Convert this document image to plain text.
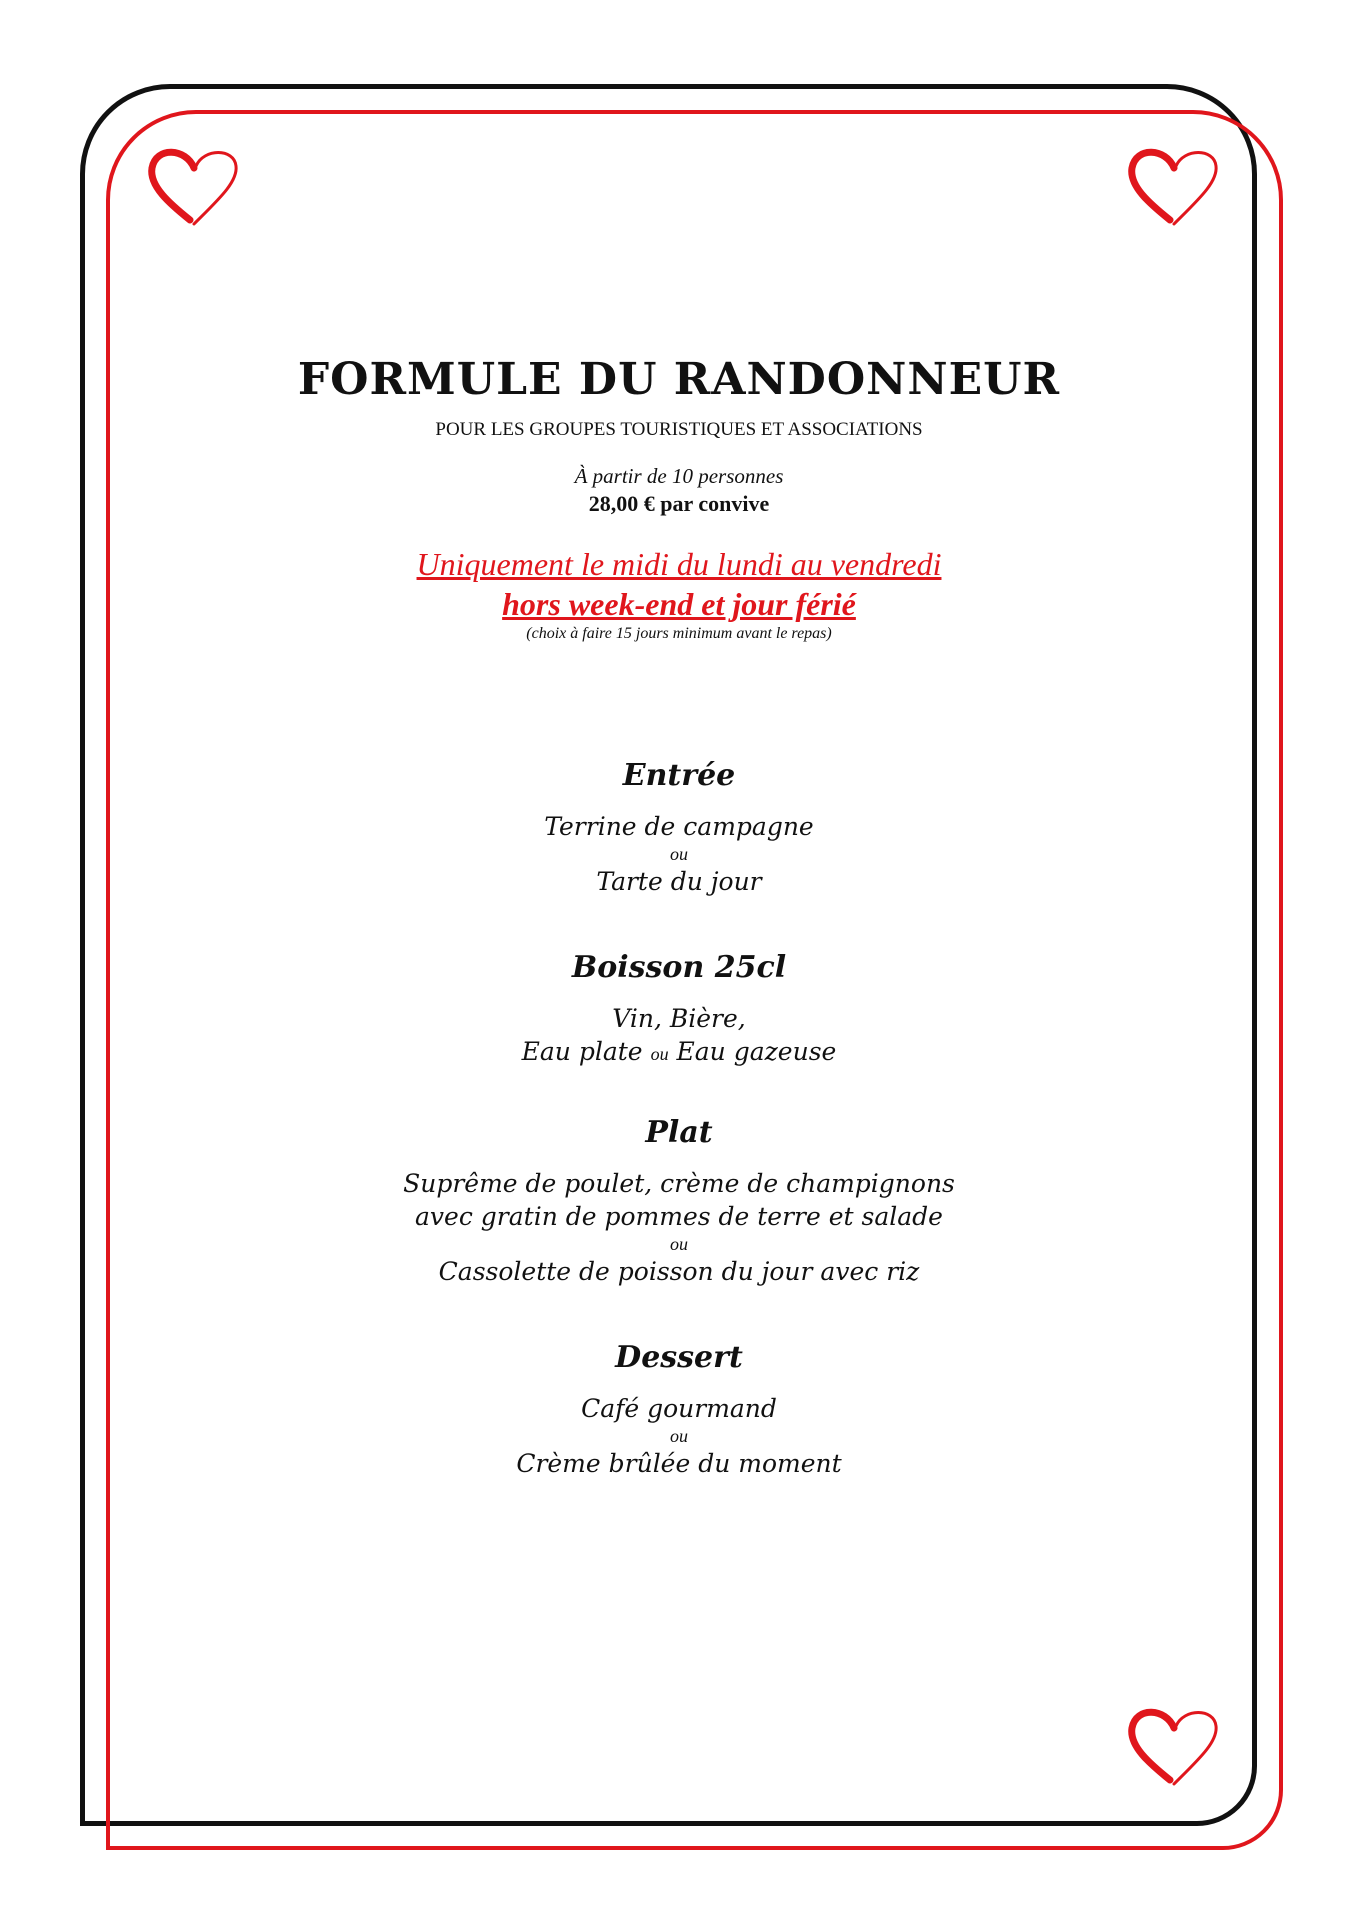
FORMULE DU RANDONNEUR

POUR LES GROUPES TOURISTIQUES ET ASSOCIATIONS

À partir de 10 personnes

28,00 € par convive

Uniquement le midi du lundi au vendredi

hors week-end et jour férié

(choix à faire 15 jours minimum avant le repas)

Entrée

Terrine de campagne

ou

Tarte du jour

Boisson 25cl

Vin, Bière,

Eau plate ou Eau gazeuse

Plat

Suprême de poulet, crème de champignons

avec gratin de pommes de terre et salade

ou

Cassolette de poisson du jour avec riz

Dessert

Café gourmand

ou

Crème brûlée du moment
